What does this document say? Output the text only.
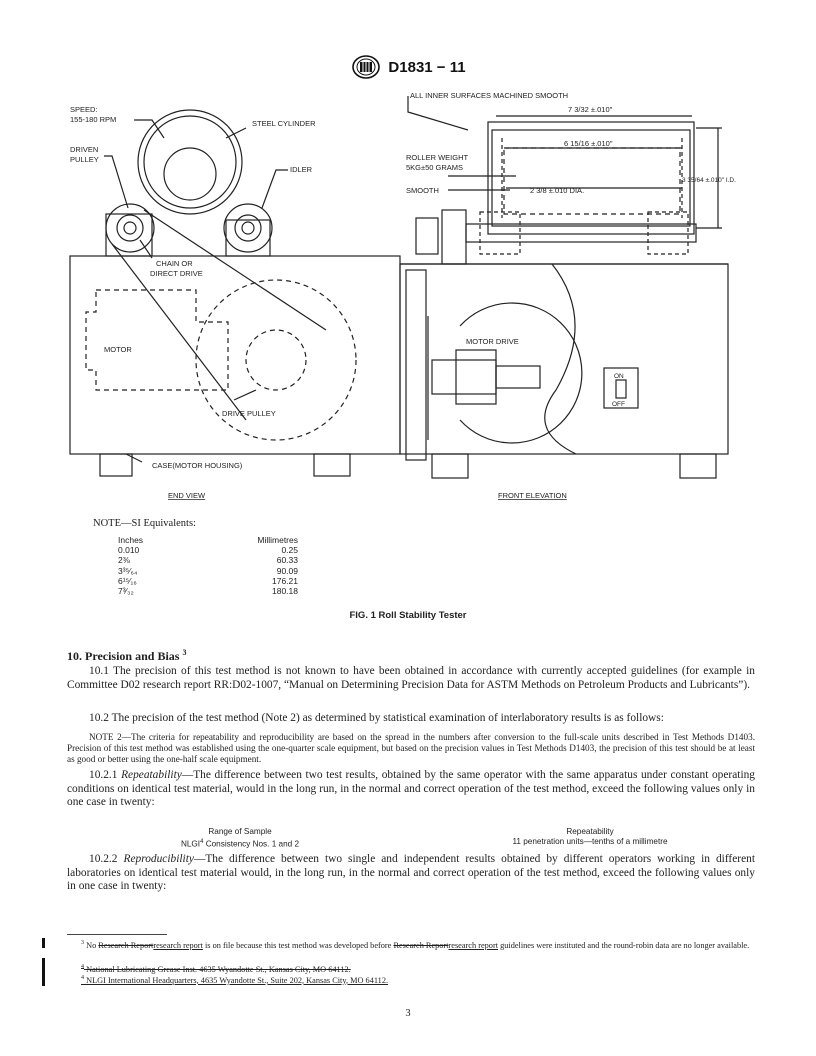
D1831 − 11
SPEED:
155-180 RPM	STEEL CYLINDER
DRIVEN
PULLEY
IDLER
CHAIN OR
DIRECT DRIVE
MOTOR
DRIVE PULLEY
CASE(MOTOR HOUSING)
END VIEW
ALL INNER SURFACES MACHINED SMOOTH
7 3/32 ±.010"
6 15/16 ±.010"
ROLLER WEIGHT
5KG±50 GRAMS
SMOOTH	2 3/8 ±.010 DIA.
3 35/64 ±.010" I.D.
MOTOR DRIVE
ON
OFF
FRONT ELEVATION
NOTE—SI Equivalents:
Inches	Millimetres
0.010	0.25
2⅜	60.33
3³⁵⁄₆₄	90.09
6¹⁵⁄₁₆	176.21
7³⁄₃₂	180.18
FIG. 1 Roll Stability Tester
10. Precision and Bias $^3$
10.1 The precision of this test method is not known to have been obtained in accordance with currently accepted guidelines (for example in Committee D02 research report RR:D02-1007, “Manual on Determining Precision Data for ASTM Methods on Petroleum Products and Lubricants”).
10.2 The precision of the test method (Note 2) as determined by statistical examination of interlaboratory results is as follows:
NOTE 2—The criteria for repeatability and reproducibility are based on the spread in the numbers after conversion to the full-scale units described in Test Methods D1403. Precision of this test method was established using the one-quarter scale equipment, but based on the precision values in Test Methods D1403, the precision of this test should be at least as good or better using the one-half scale equipment.
10.2.1 Repeatability—The difference between two test results, obtained by the same operator with the same apparatus under constant operating conditions on identical test material, would in the long run, in the normal and correct operation of the test method, exceed the following values only in one case in twenty:
Range of Sample
NLGI$^4$ Consistency Nos. 1 and 2
Repeatability
11 penetration units—tenths of a millimetre
10.2.2 Reproducibility—The difference between two single and independent results obtained by different operators working in different laboratories on identical test material would, in the long run, in the normal and correct operation of the test method, exceed the following values only in one case in twenty:
$^3$ No Research Reportresearch report is on file because this test method was developed before Research Reportresearch report guidelines were instituted and the round-robin data are no longer available.
$^4$ National Lubricating Grease Inst. 4635 Wyandotte St., Kansas City, MO 64112.
$^4$ NLGI International Headquarters, 4635 Wyandotte St., Suite 202, Kansas City, MO 64112.
3
